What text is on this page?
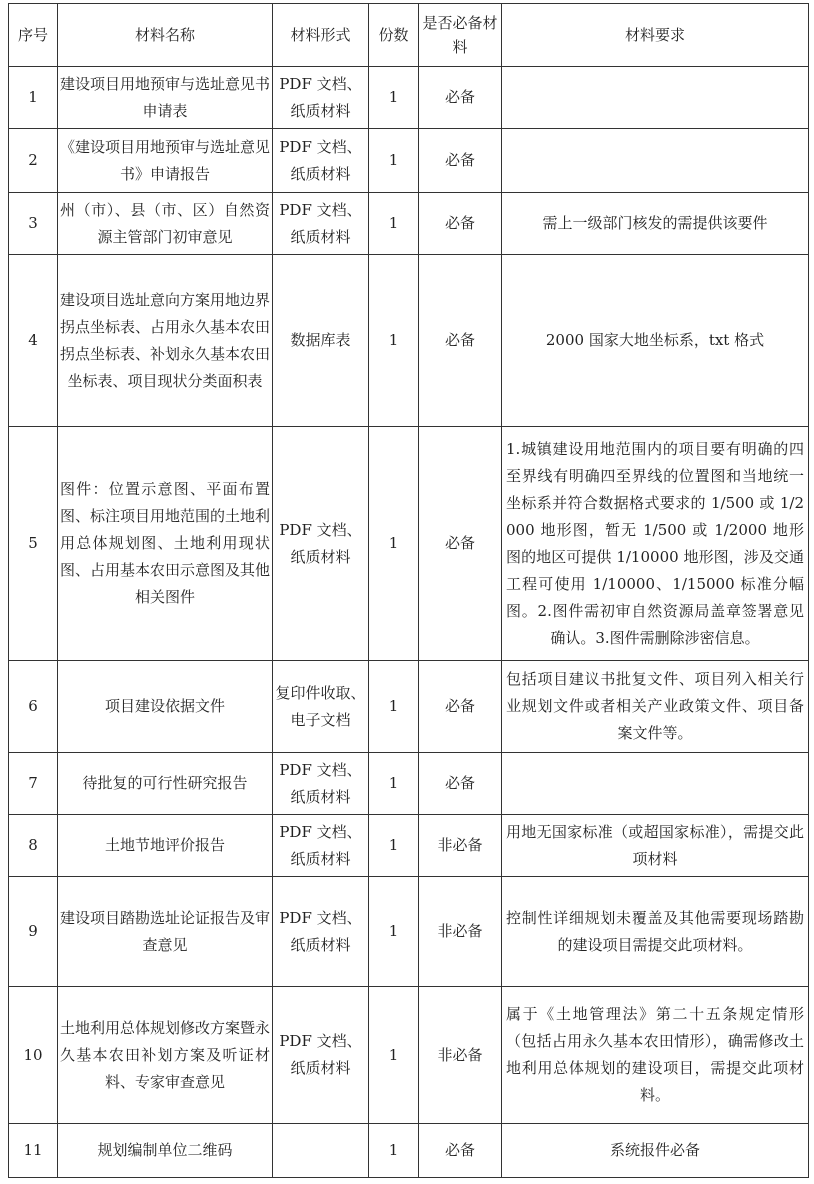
序号	材料名称	材料形式	份数	是否必备材料	材料要求
1	建设项目用地预审与选址意见书申请表	PDF 文档、纸质材料	1	必备	
2	《建设项目用地预审与选址意见书》申请报告	PDF 文档、纸质材料	1	必备	
3	州（市）、县（市、区）自然资源主管部门初审意见	PDF 文档、纸质材料	1	必备	需上一级部门核发的需提供该要件
4	建设项目选址意向方案用地边界拐点坐标表、占用永久基本农田拐点坐标表、补划永久基本农田坐标表、项目现状分类面积表	数据库表	1	必备	2000 国家大地坐标系，txt 格式
5	图件：位置示意图、平面布置图、标注项目用地范围的土地利用总体规划图、土地利用现状图、占用基本农田示意图及其他相关图件	PDF 文档、纸质材料	1	必备	1.城镇建设用地范围内的项目要有明确的四至界线有明确四至界线的位置图和当地统一坐标系并符合数据格式要求的 1/500 或 1/2000 地形图，暂无 1/500 或 1/2000 地形图的地区可提供 1/10000 地形图，涉及交通工程可使用 1/10000、1/15000 标准分幅图。2.图件需初审自然资源局盖章签署意见确认。3.图件需删除涉密信息。
6	项目建设依据文件	复印件收取、电子文档	1	必备	包括项目建议书批复文件、项目列入相关行业规划文件或者相关产业政策文件、项目备案文件等。
7	待批复的可行性研究报告	PDF 文档、纸质材料	1	必备	
8	土地节地评价报告	PDF 文档、纸质材料	1	非必备	用地无国家标准（或超国家标准），需提交此项材料
9	建设项目踏勘选址论证报告及审查意见	PDF 文档、纸质材料	1	非必备	控制性详细规划未覆盖及其他需要现场踏勘的建设项目需提交此项材料。
10	土地利用总体规划修改方案暨永久基本农田补划方案及听证材料、专家审查意见	PDF 文档、纸质材料	1	非必备	属于《土地管理法》第二十五条规定情形（包括占用永久基本农田情形），确需修改土地利用总体规划的建设项目，需提交此项材料。
11	规划编制单位二维码		1	必备	系统报件必备
